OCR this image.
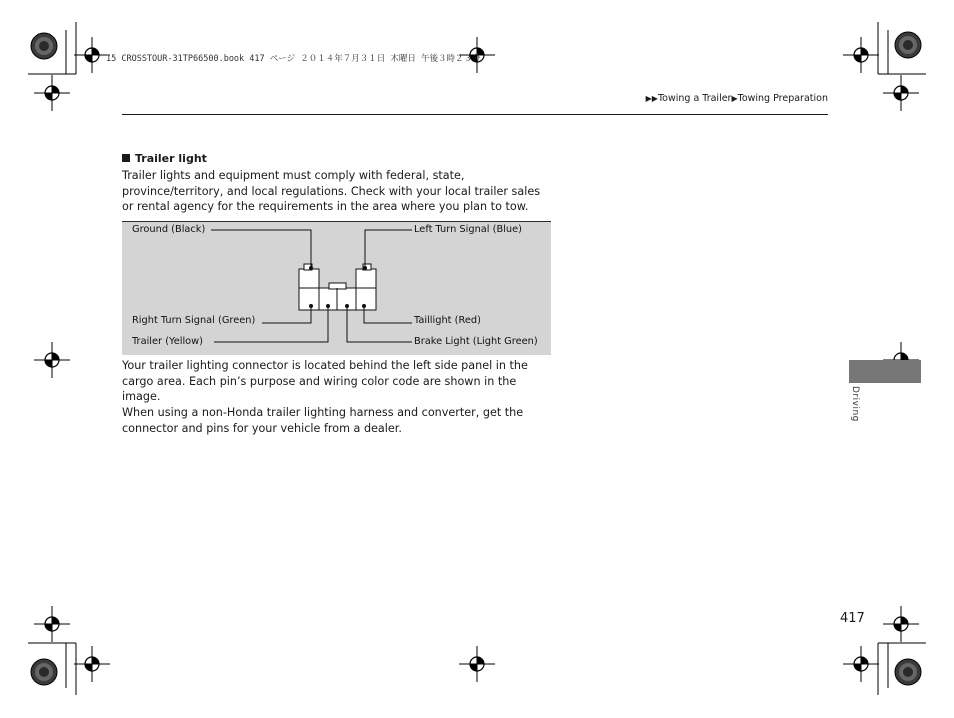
15 CROSSTOUR-31TP66500.book 417 ページ ２０１４年７月３１日 木曜日 午後３時２３分
▶▶Towing a Trailer▶Towing Preparation
Trailer light
Trailer lights and equipment must comply with federal, state, province/territory, and local regulations. Check with your local trailer sales or rental agency for the requirements in the area where you plan to tow.
Ground (Black)	Left Turn Signal (Blue)
Right Turn Signal (Green)	Taillight (Red)
Trailer (Yellow)	Brake Light (Light Green)
Your trailer lighting connector is located behind the left side panel in the cargo area. Each pin’s purpose and wiring color code are shown in the image.
When using a non-Honda trailer lighting harness and converter, get the connector and pins for your vehicle from a dealer.
Driving
417
